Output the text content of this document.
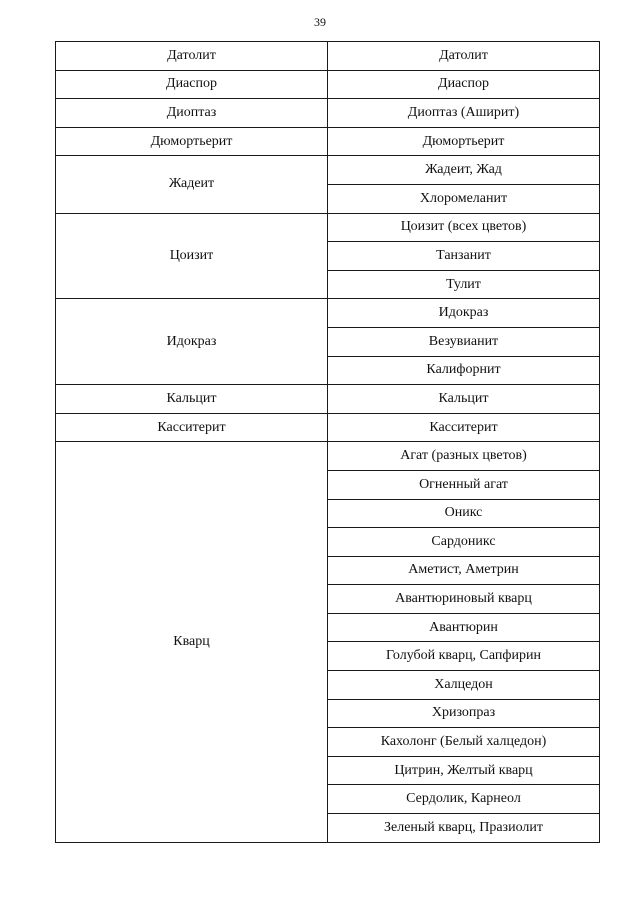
39
Датолит	Датолит
Диаспор	Диаспор
Диоптаз	Диоптаз (Аширит)
Дюмортьерит	Дюмортьерит
Жадеит	Жадеит, Жад
	Хлоромеланит
Цоизит	Цоизит (всех цветов)
	Танзанит
	Тулит
Идокраз	Идокраз
	Везувианит
	Калифорнит
Кальцит	Кальцит
Касситерит	Касситерит
Кварц	Агат (разных цветов)
	Огненный агат
	Оникс
	Сардоникс
	Аметист, Аметрин
	Авантюриновый кварц
	Авантюрин
	Голубой кварц, Сапфирин
	Халцедон
	Хризопраз
	Кахолонг (Белый халцедон)
	Цитрин, Желтый кварц
	Сердолик, Карнеол
	Зеленый кварц, Празиолит
